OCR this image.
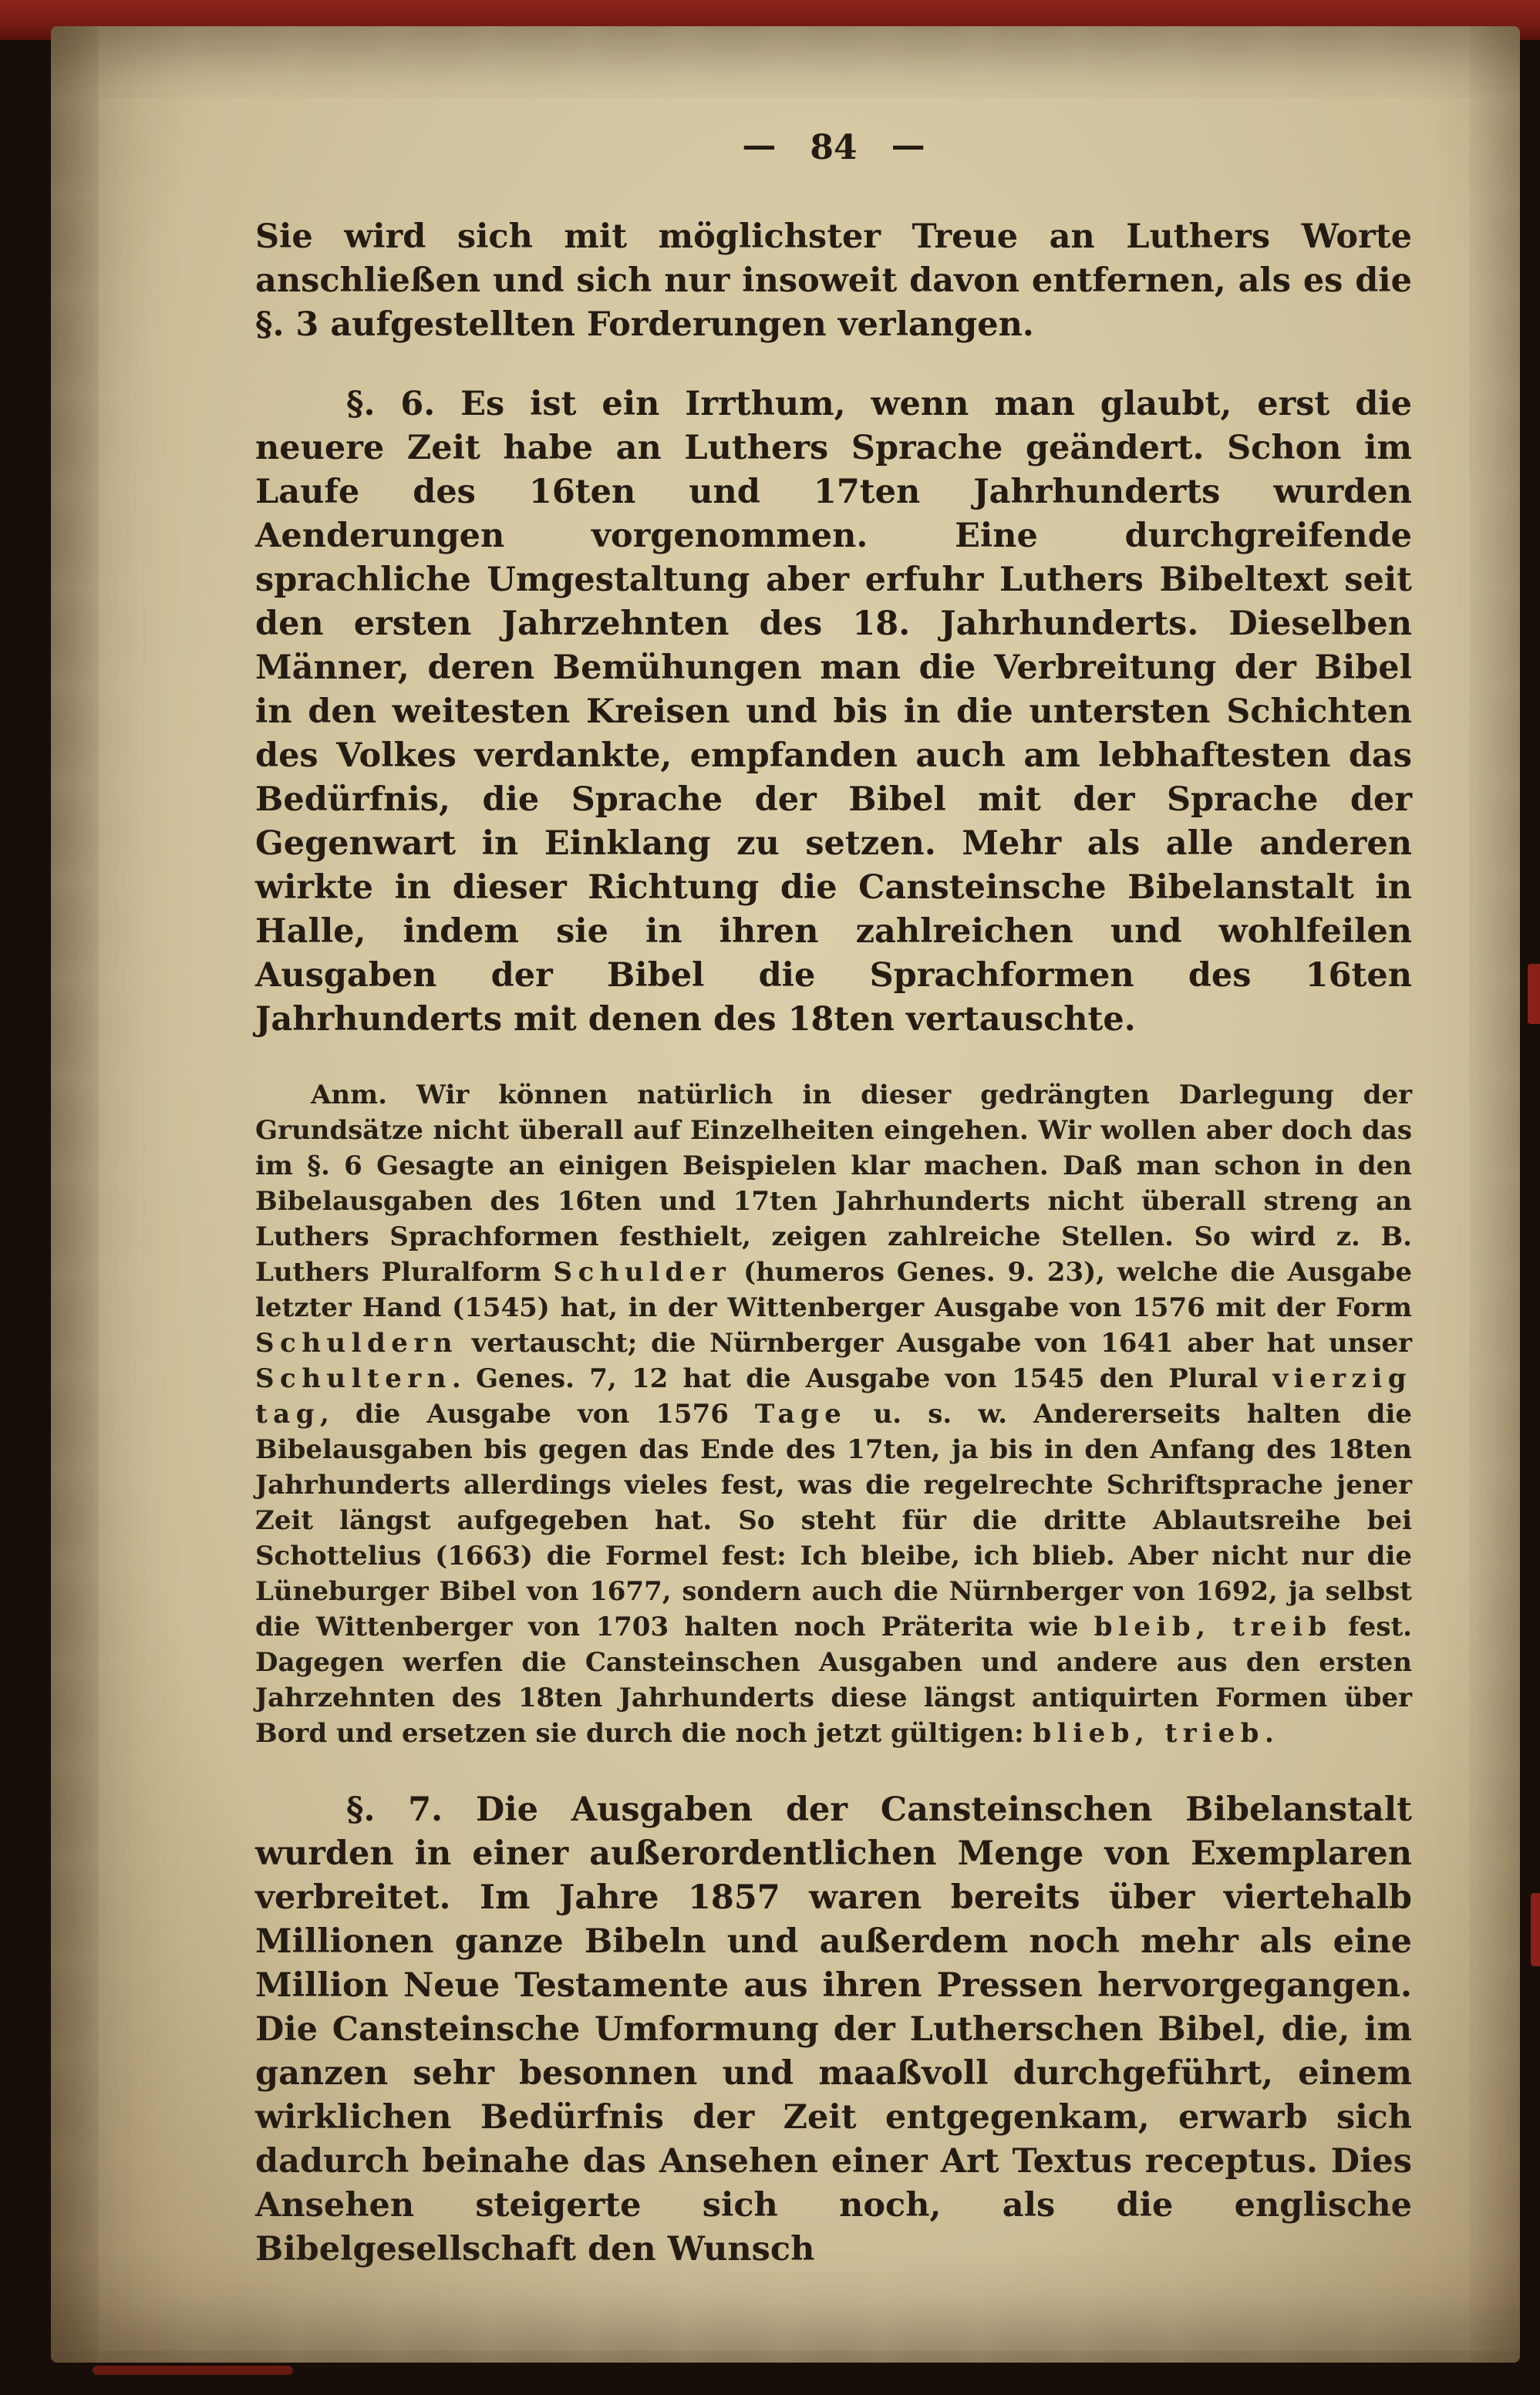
— 84 —

Sie wird sich mit möglichster Treue an Luthers Worte anschließen und sich nur insoweit davon entfernen, als es die §. 3 aufgestellten Forderungen verlangen.

§. 6. Es ist ein Irrthum, wenn man glaubt, erst die neuere Zeit habe an Luthers Sprache geändert. Schon im Laufe des 16ten und 17ten Jahrhunderts wurden Aenderungen vorgenommen. Eine durchgreifende sprachliche Umgestaltung aber erfuhr Luthers Bibeltext seit den ersten Jahrzehnten des 18. Jahrhunderts. Dieselben Männer, deren Bemühungen man die Verbreitung der Bibel in den weitesten Kreisen und bis in die untersten Schichten des Volkes verdankte, empfanden auch am lebhaftesten das Bedürfnis, die Sprache der Bibel mit der Sprache der Gegenwart in Einklang zu setzen. Mehr als alle anderen wirkte in dieser Richtung die Cansteinsche Bibelanstalt in Halle, indem sie in ihren zahlreichen und wohlfeilen Ausgaben der Bibel die Sprachformen des 16ten Jahrhunderts mit denen des 18ten vertauschte.

Anm. Wir können natürlich in dieser gedrängten Darlegung der Grundsätze nicht überall auf Einzelheiten eingehen. Wir wollen aber doch das im §. 6 Gesagte an einigen Beispielen klar machen. Daß man schon in den Bibelausgaben des 16ten und 17ten Jahrhunderts nicht überall streng an Luthers Sprachformen festhielt, zeigen zahlreiche Stellen. So wird z. B. Luthers Pluralform Schulder (humeros Genes. 9. 23), welche die Ausgabe letzter Hand (1545) hat, in der Wittenberger Ausgabe von 1576 mit der Form Schuldern vertauscht; die Nürnberger Ausgabe von 1641 aber hat unser Schultern. Genes. 7, 12 hat die Ausgabe von 1545 den Plural vierzig tag, die Ausgabe von 1576 Tage u. s. w. Andererseits halten die Bibelausgaben bis gegen das Ende des 17ten, ja bis in den Anfang des 18ten Jahrhunderts allerdings vieles fest, was die regelrechte Schriftsprache jener Zeit längst aufgegeben hat. So steht für die dritte Ablautsreihe bei Schottelius (1663) die Formel fest: Ich bleibe, ich blieb. Aber nicht nur die Lüneburger Bibel von 1677, sondern auch die Nürnberger von 1692, ja selbst die Wittenberger von 1703 halten noch Präterita wie bleib, treib fest. Dagegen werfen die Cansteinschen Ausgaben und andere aus den ersten Jahrzehnten des 18ten Jahrhunderts diese längst antiquirten Formen über Bord und ersetzen sie durch die noch jetzt gültigen: blieb, trieb.

§. 7. Die Ausgaben der Cansteinschen Bibelanstalt wurden in einer außerordentlichen Menge von Exemplaren verbreitet. Im Jahre 1857 waren bereits über viertehalb Millionen ganze Bibeln und außerdem noch mehr als eine Million Neue Testamente aus ihren Pressen hervorgegangen. Die Cansteinsche Umformung der Lutherschen Bibel, die, im ganzen sehr besonnen und maaßvoll durchgeführt, einem wirklichen Bedürfnis der Zeit entgegenkam, erwarb sich dadurch beinahe das Ansehen einer Art Textus receptus. Dies Ansehen steigerte sich noch, als die englische Bibelgesellschaft den Wunsch
